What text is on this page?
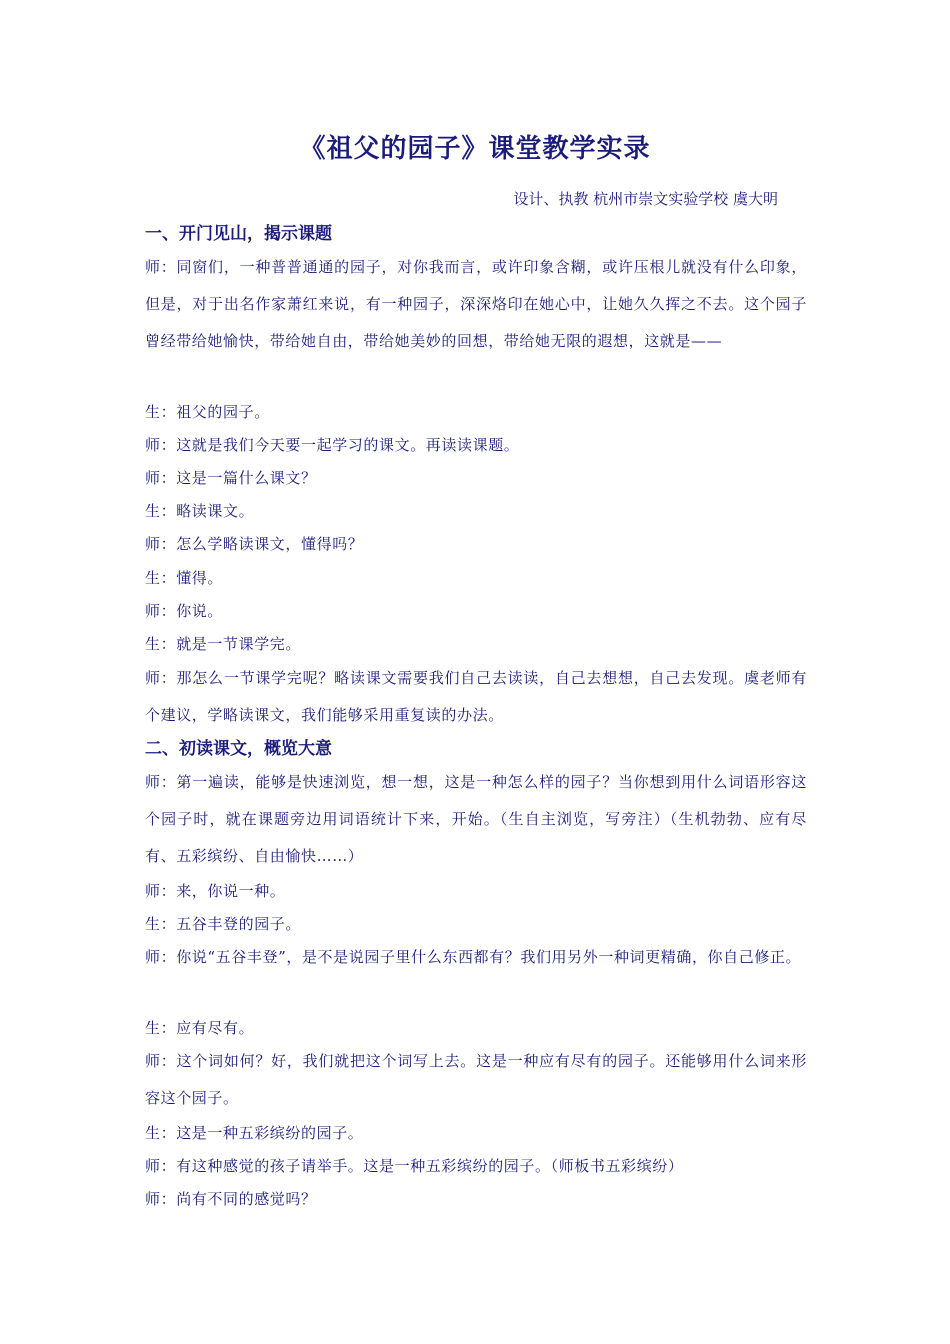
《祖父的园子》课堂教学实录
设计、执教 杭州市崇文实验学校 虞大明
一、开门见山，揭示课题
师：同窗们，一种普普通通的园子，对你我而言，或许印象含糊，或许压根儿就没有什么印象，但是，对于出名作家萧红来说，有一种园子，深深烙印在她心中，让她久久挥之不去。这个园子曾经带给她愉快，带给她自由，带给她美妙的回想，带给她无限的遐想，这就是——
生：祖父的园子。
师：这就是我们今天要一起学习的课文。再读读课题。
师：这是一篇什么课文？
生：略读课文。
师：怎么学略读课文，懂得吗？
生：懂得。
师：你说。
生：就是一节课学完。
师：那怎么一节课学完呢？略读课文需要我们自己去读读，自己去想想，自己去发现。虞老师有个建议，学略读课文，我们能够采用重复读的办法。
二、初读课文，概览大意
师：第一遍读，能够是快速浏览，想一想，这是一种怎么样的园子？当你想到用什么词语形容这个园子时，就在课题旁边用词语统计下来，开始。（生自主浏览，写旁注）（生机勃勃、应有尽有、五彩缤纷、自由愉快……）
师：来，你说一种。
生：五谷丰登的园子。
师：你说“五谷丰登”，是不是说园子里什么东西都有？我们用另外一种词更精确，你自己修正。
生：应有尽有。
师：这个词如何？好，我们就把这个词写上去。这是一种应有尽有的园子。还能够用什么词来形容这个园子。
生：这是一种五彩缤纷的园子。
师：有这种感觉的孩子请举手。这是一种五彩缤纷的园子。（师板书五彩缤纷）
师：尚有不同的感觉吗？
